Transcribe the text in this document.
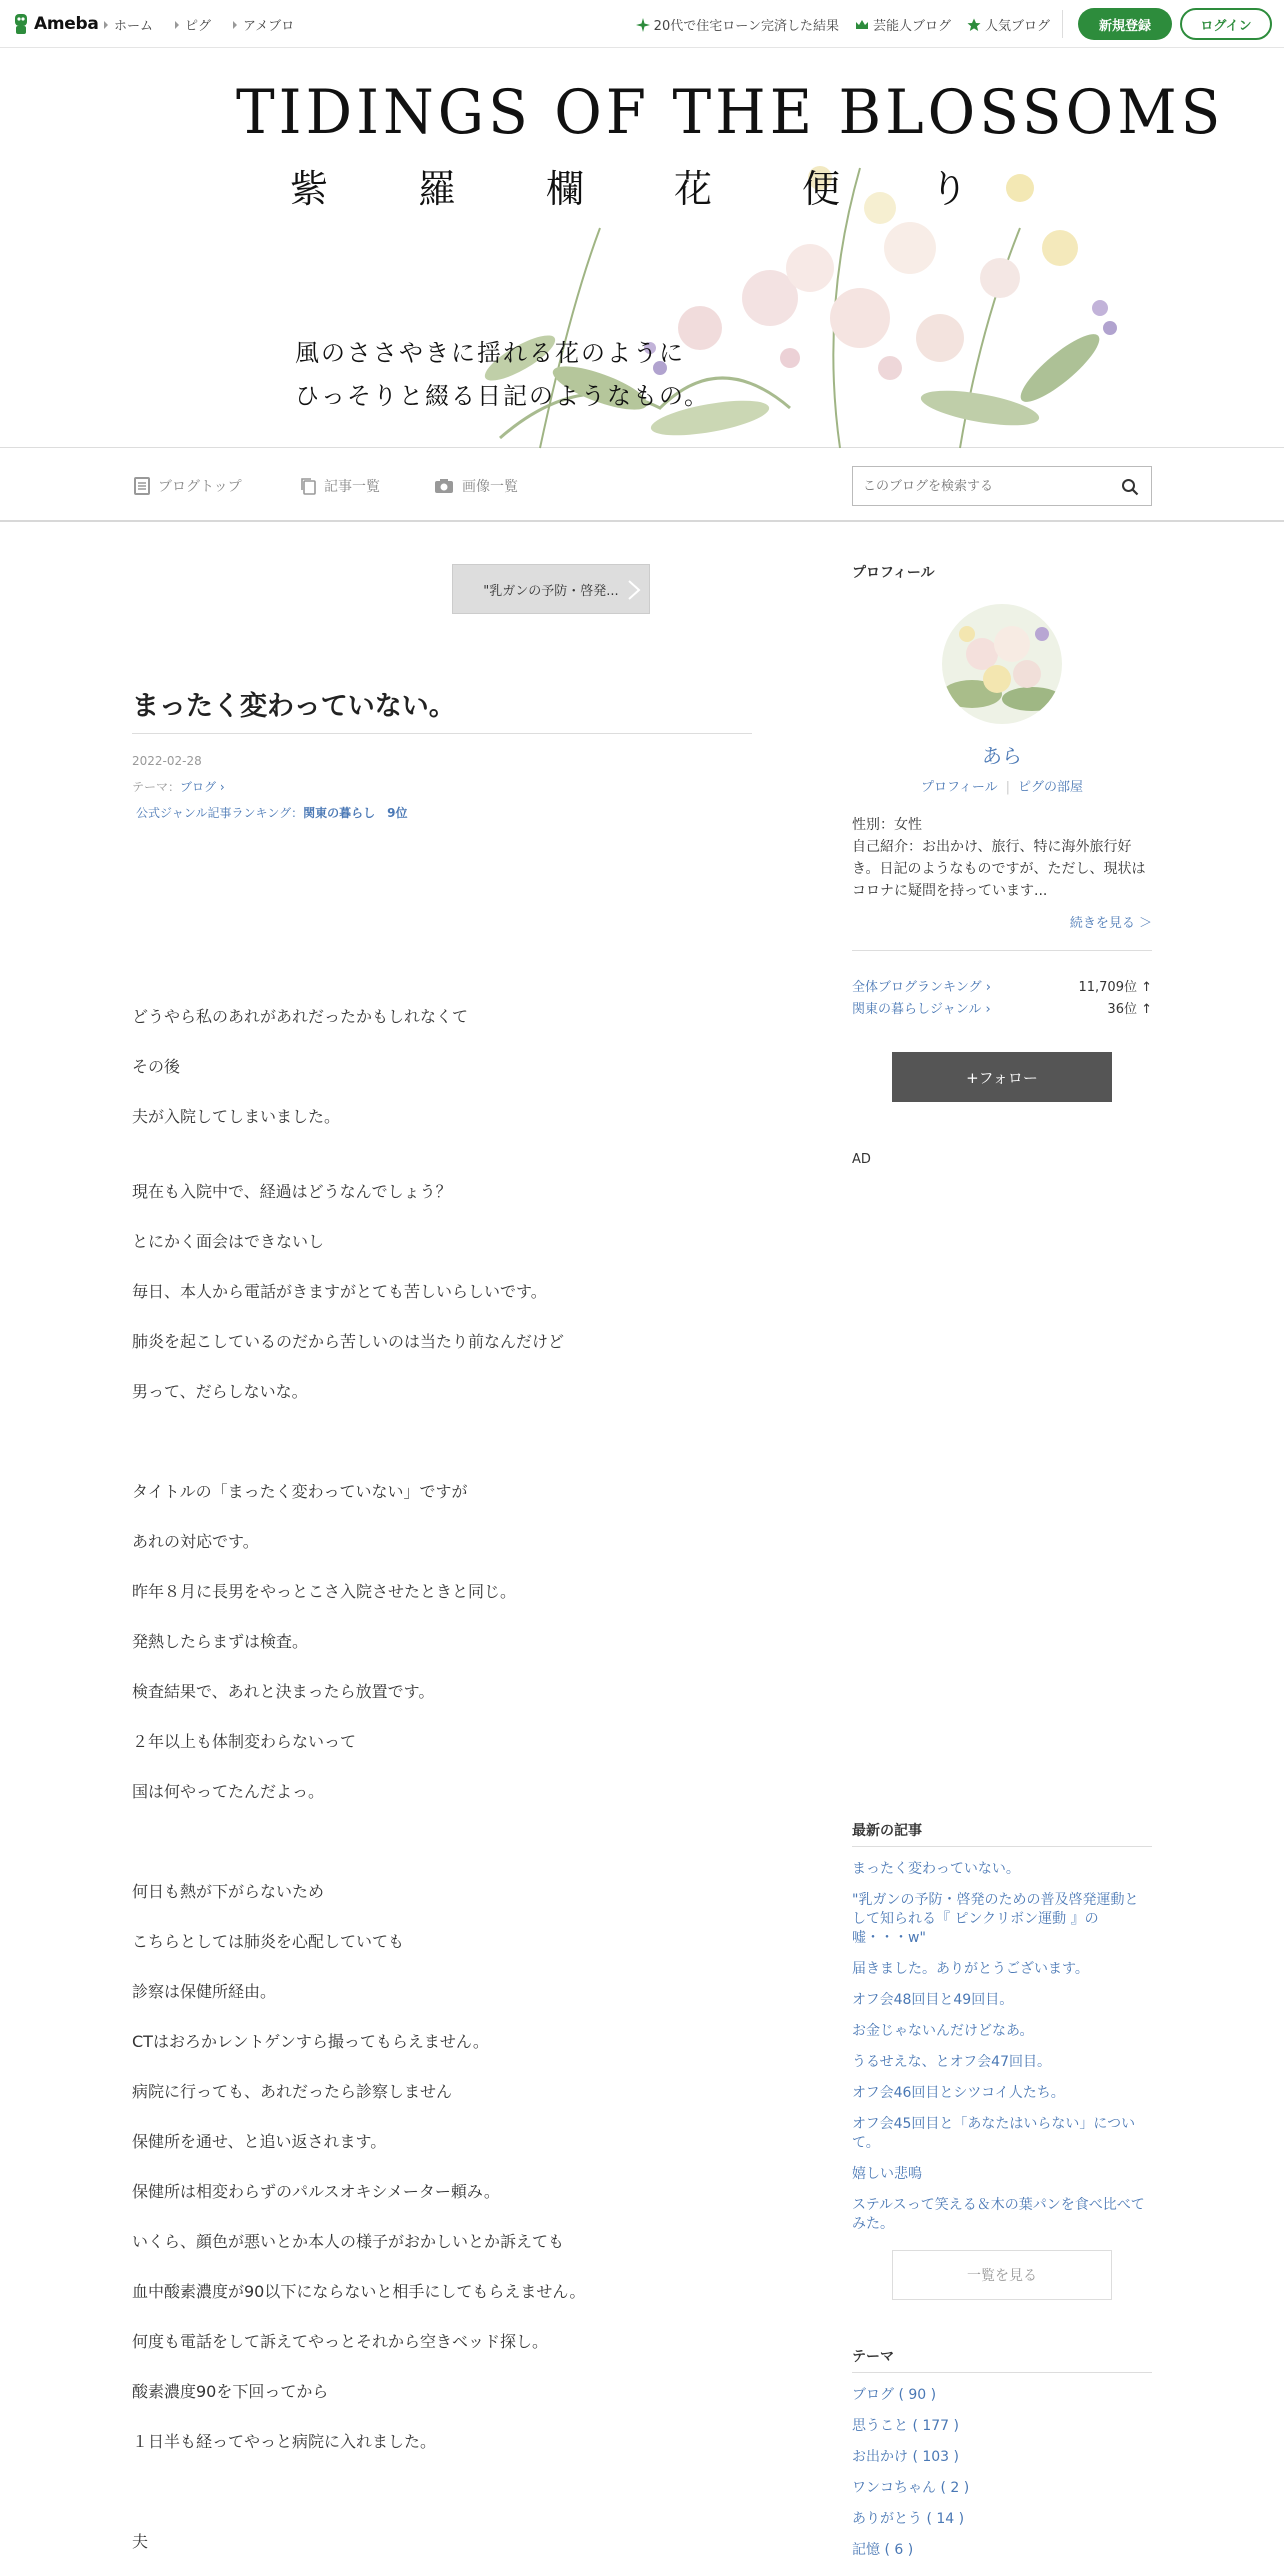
Ameba ホーム ピグ アメブロ	20代で住宅ローン完済した結果	芸能人ブログ	人気ブログ	新規登録	ログイン
TIDINGS OF THE BLOSSOMS
紫	羅	欄	花	便	り
風のささやきに揺れる花のように
ひっそりと綴る日記のようなもの。
ブログトップ	記事一覧	画像一覧
このブログを検索する
"乳ガンの予防・啓発...
まったく変わっていない。
2022-02-28
テーマ：ブログ ›
公式ジャンル記事ランキング：関東の暮らし　9位
どうやら私のあれがあれだったかもしれなくて
その後
夫が入院してしまいました。
現在も入院中で、経過はどうなんでしょう？
とにかく面会はできないし
毎日、本人から電話がきますがとても苦しいらしいです。
肺炎を起こしているのだから苦しいのは当たり前なんだけど
男って、だらしないな。
タイトルの「まったく変わっていない」ですが
あれの対応です。
昨年８月に長男をやっとこさ入院させたときと同じ。
発熱したらまずは検査。
検査結果で、あれと決まったら放置です。
２年以上も体制変わらないって
国は何やってたんだよっ。
何日も熱が下がらないため
こちらとしては肺炎を心配していても
診察は保健所経由。
CTはおろかレントゲンすら撮ってもらえません。
病院に行っても、あれだったら診察しません
保健所を通せ、と追い返されます。
保健所は相変わらずのパルスオキシメーター頼み。
いくら、顔色が悪いとか本人の様子がおかしいとか訴えても
血中酸素濃度が90以下にならないと相手にしてもらえません。
何度も電話をして訴えてやっとそれから空きベッド探し。
酸素濃度90を下回ってから
１日半も経ってやっと病院に入れました。
夫
プロフィール
あら
プロフィール | ピグの部屋
性別：女性
自己紹介：お出かけ、旅行、特に海外旅行好き。日記のようなものですが、ただし、現状はコロナに疑問を持っています...
続きを見る ＞
全体ブログランキング ›	11,709位 ↑
関東の暮らしジャンル ›	36位 ↑
+フォロー
AD
最新の記事
まったく変わっていない。
"乳ガンの予防・啓発のための普及啓発運動として知られる『 ピンクリボン運動 』の嘘・・・w"
届きました。ありがとうございます。
オフ会48回目と49回目。
お金じゃないんだけどなあ。
うるせえな、とオフ会47回目。
オフ会46回目とシツコイ人たち。
オフ会45回目と「あなたはいらない」について。
嬉しい悲鳴
ステルスって笑える＆木の葉パンを食べ比べてみた。
一覧を見る
テーマ
ブログ ( 90 )
思うこと ( 177 )
お出かけ ( 103 )
ワンコちゃん ( 2 )
ありがとう ( 14 )
記憶 ( 6 )
